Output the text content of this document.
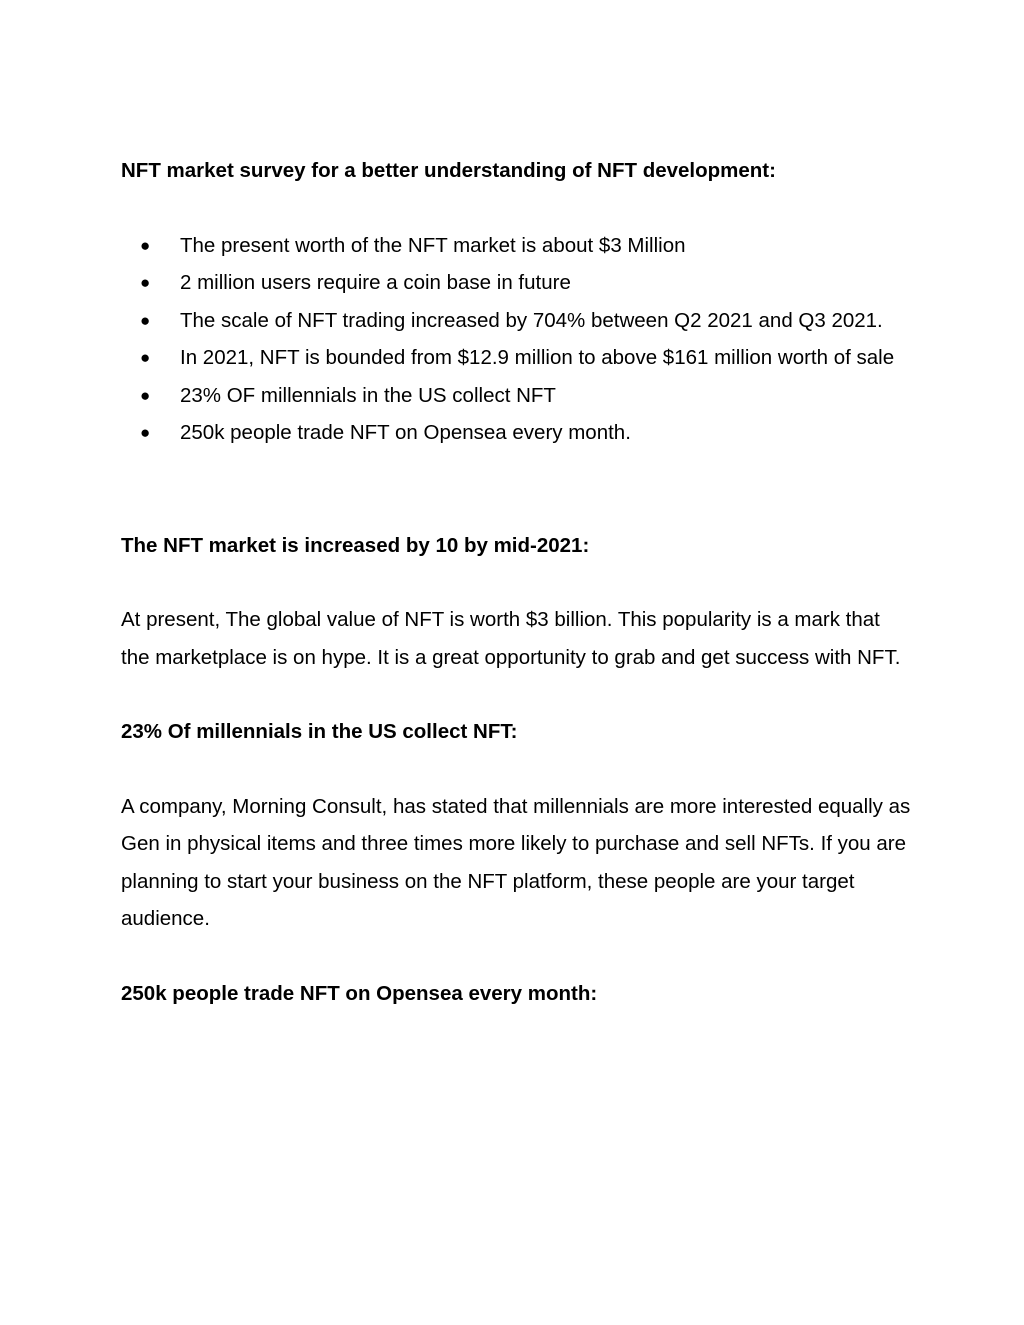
NFT market survey for a better understanding of NFT development:

● The present worth of the NFT market is about $3 Million
● 2 million users require a coin base in future
● The scale of NFT trading increased by 704% between Q2 2021 and Q3 2021.
● In 2021, NFT is bounded from $12.9 million to above $161 million worth of sale
● 23% OF millennials in the US collect NFT
● 250k people trade NFT on Opensea every month.

The NFT market is increased by 10 by mid-2021:

At present, The global value of NFT is worth $3 billion. This popularity is a mark that the marketplace is on hype. It is a great opportunity to grab and get success with NFT.

23% Of millennials in the US collect NFT:

A company, Morning Consult, has stated that millennials are more interested equally as Gen in physical items and three times more likely to purchase and sell NFTs. If you are planning to start your business on the NFT platform, these people are your target audience.

250k people trade NFT on Opensea every month:
